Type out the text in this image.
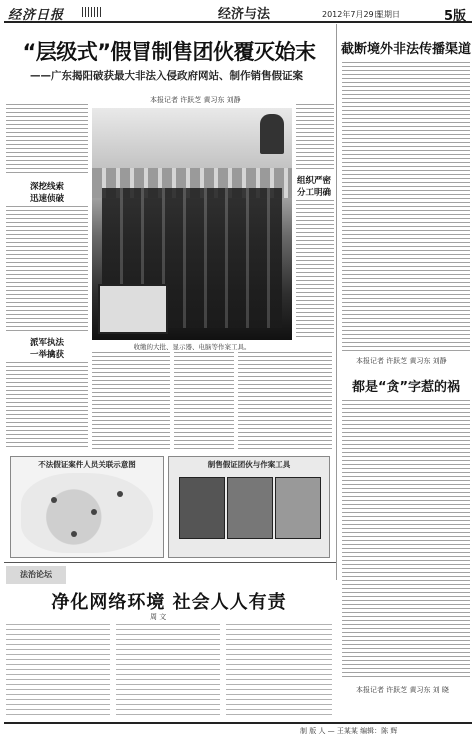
经济日报	经济与法	2012年7月29日
星期日	5版
“层级式”假冒制售团伙覆灭始末
——广东揭阳破获最大非法入侵政府网站、制作销售假证案
本报记者 许跃芝 黄习东 刘静
深挖线索
迅速侦破
派军执法
一举擒获
收缴的大批、显示器、电脑等作案工具。
组织严密
分工明确
不法假证案件人员关联示意图	制售假证团伙与作案工具
截断境外非法传播渠道
本报记者 许跃芝 黄习东 刘静
都是“贪”字惹的祸
本报记者 许跃芝 黄习东 刘 晓
法治论坛
净化网络环境 社会人人有责
周 文
制 版 人 — 王某某 编辑：陈 辉
